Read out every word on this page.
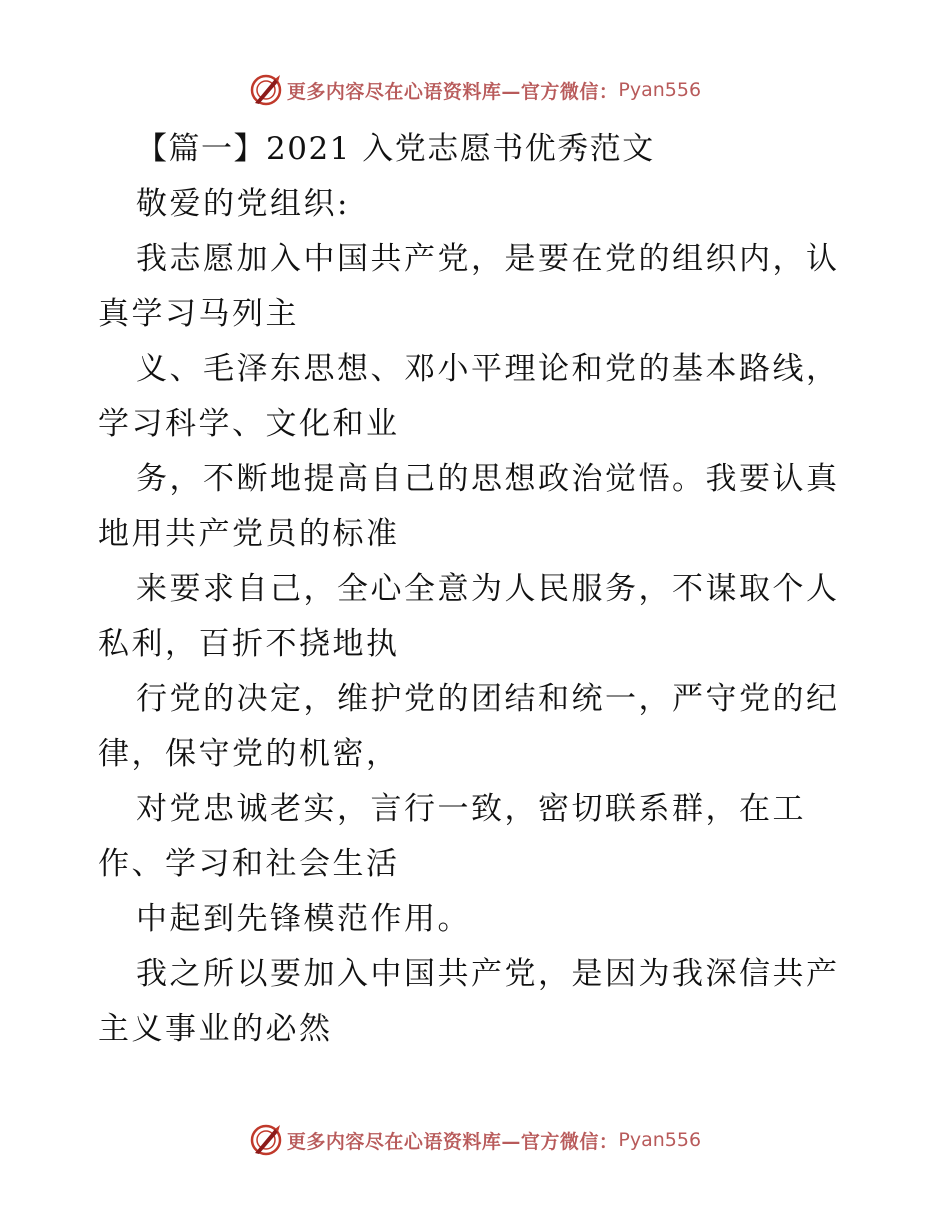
更多内容尽在心语资料库—官方微信： Pyan556
【篇一】2021 入党志愿书优秀范文
敬爱的党组织:
我志愿加入中国共产党，是要在党的组织内，认
真学习马列主
义、毛泽东思想、邓小平理论和党的基本路线，
学习科学、文化和业
务，不断地提高自己的思想政治觉悟。我要认真
地用共产党员的标准
来要求自己，全心全意为人民服务，不谋取个人
私利，百折不挠地执
行党的决定，维护党的团结和统一，严守党的纪
律，保守党的机密，
对党忠诚老实，言行一致，密切联系群，在工
作、学习和社会生活
中起到先锋模范作用。
我之所以要加入中国共产党，是因为我深信共产
主义事业的必然
更多内容尽在心语资料库—官方微信： Pyan556
